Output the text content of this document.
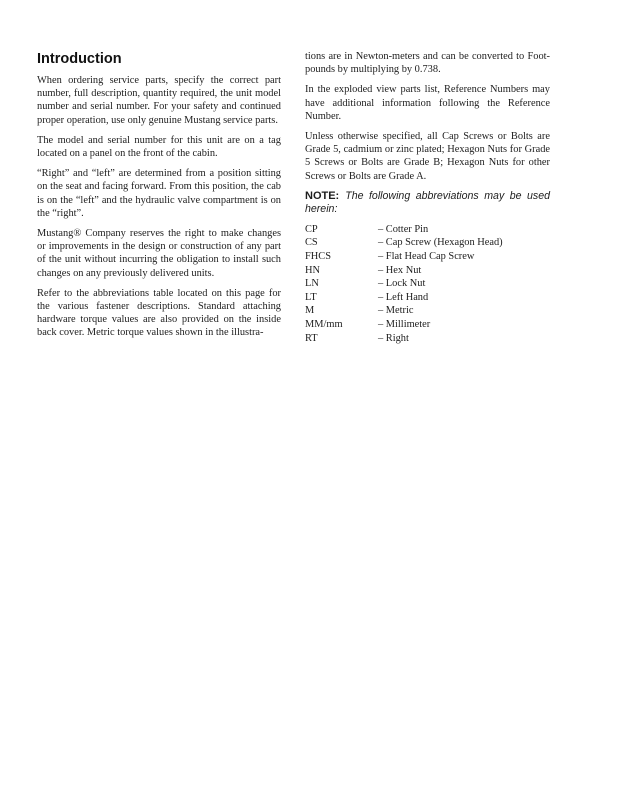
Introduction

When ordering service parts, specify the correct part number, full description, quantity required, the unit model number and serial number. For your safety and continued proper operation, use only genuine Mustang service parts.

The model and serial number for this unit are on a tag located on a panel on the front of the cabin.

“Right” and “left” are determined from a position sitting on the seat and facing forward. From this position, the cab is on the “left” and the hydraulic valve compartment is on the “right”.

Mustang® Company reserves the right to make changes or improvements in the design or construction of any part of the unit without incurring the obligation to install such changes on any previously delivered units.

Refer to the abbreviations table located on this page for the various fastener descriptions. Standard attaching hardware torque values are also provided on the inside back cover. Metric torque values shown in the illustra-

tions are in Newton-meters and can be converted to Foot-pounds by multiplying by 0.738.

In the exploded view parts list, Reference Numbers may have additional information following the Reference Number.

Unless otherwise specified, all Cap Screws or Bolts are Grade 5, cadmium or zinc plated; Hexagon Nuts for Grade 5 Screws or Bolts are Grade B; Hexagon Nuts for other Screws or Bolts are Grade A.

NOTE: The following abbreviations may be used herein:

CP	– Cotter Pin
CS	– Cap Screw (Hexagon Head)
FHCS	– Flat Head Cap Screw
HN	– Hex Nut
LN	– Lock Nut
LT	– Left Hand
M	– Metric
MM/mm	– Millimeter
RT	– Right
